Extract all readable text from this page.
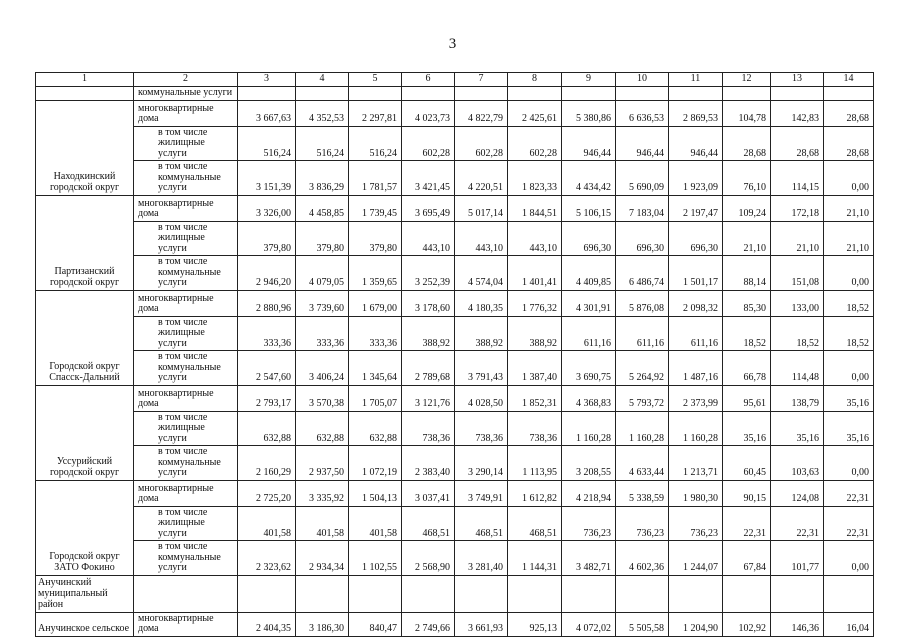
3
1	2	3	4	5	6	7	8	9	10	11	12	13	14
	коммунальные услуги												
Находкинский городской округ	многоквартирные дома	3 667,63	4 352,53	2 297,81	4 023,73	4 822,79	2 425,61	5 380,86	6 636,53	2 869,53	104,78	142,83	28,68
	в том числе жилищные услуги	516,24	516,24	516,24	602,28	602,28	602,28	946,44	946,44	946,44	28,68	28,68	28,68
	в том числе коммунальные услуги	3 151,39	3 836,29	1 781,57	3 421,45	4 220,51	1 823,33	4 434,42	5 690,09	1 923,09	76,10	114,15	0,00
Партизанский городской округ	многоквартирные дома	3 326,00	4 458,85	1 739,45	3 695,49	5 017,14	1 844,51	5 106,15	7 183,04	2 197,47	109,24	172,18	21,10
	в том числе жилищные услуги	379,80	379,80	379,80	443,10	443,10	443,10	696,30	696,30	696,30	21,10	21,10	21,10
	в том числе коммунальные услуги	2 946,20	4 079,05	1 359,65	3 252,39	4 574,04	1 401,41	4 409,85	6 486,74	1 501,17	88,14	151,08	0,00
Городской округ Спасск-Дальний	многоквартирные дома	2 880,96	3 739,60	1 679,00	3 178,60	4 180,35	1 776,32	4 301,91	5 876,08	2 098,32	85,30	133,00	18,52
	в том числе жилищные услуги	333,36	333,36	333,36	388,92	388,92	388,92	611,16	611,16	611,16	18,52	18,52	18,52
	в том числе коммунальные услуги	2 547,60	3 406,24	1 345,64	2 789,68	3 791,43	1 387,40	3 690,75	5 264,92	1 487,16	66,78	114,48	0,00
Уссурийский городской округ	многоквартирные дома	2 793,17	3 570,38	1 705,07	3 121,76	4 028,50	1 852,31	4 368,83	5 793,72	2 373,99	95,61	138,79	35,16
	в том числе жилищные услуги	632,88	632,88	632,88	738,36	738,36	738,36	1 160,28	1 160,28	1 160,28	35,16	35,16	35,16
	в том числе коммунальные услуги	2 160,29	2 937,50	1 072,19	2 383,40	3 290,14	1 113,95	3 208,55	4 633,44	1 213,71	60,45	103,63	0,00
Городской округ ЗАТО Фокино	многоквартирные дома	2 725,20	3 335,92	1 504,13	3 037,41	3 749,91	1 612,82	4 218,94	5 338,59	1 980,30	90,15	124,08	22,31
	в том числе жилищные услуги	401,58	401,58	401,58	468,51	468,51	468,51	736,23	736,23	736,23	22,31	22,31	22,31
	в том числе коммунальные услуги	2 323,62	2 934,34	1 102,55	2 568,90	3 281,40	1 144,31	3 482,71	4 602,36	1 244,07	67,84	101,77	0,00
Анучинский муниципальный район													
Анучинское сельское	многоквартирные дома	2 404,35	3 186,30	840,47	2 749,66	3 661,93	925,13	4 072,02	5 505,58	1 204,90	102,92	146,36	16,04
